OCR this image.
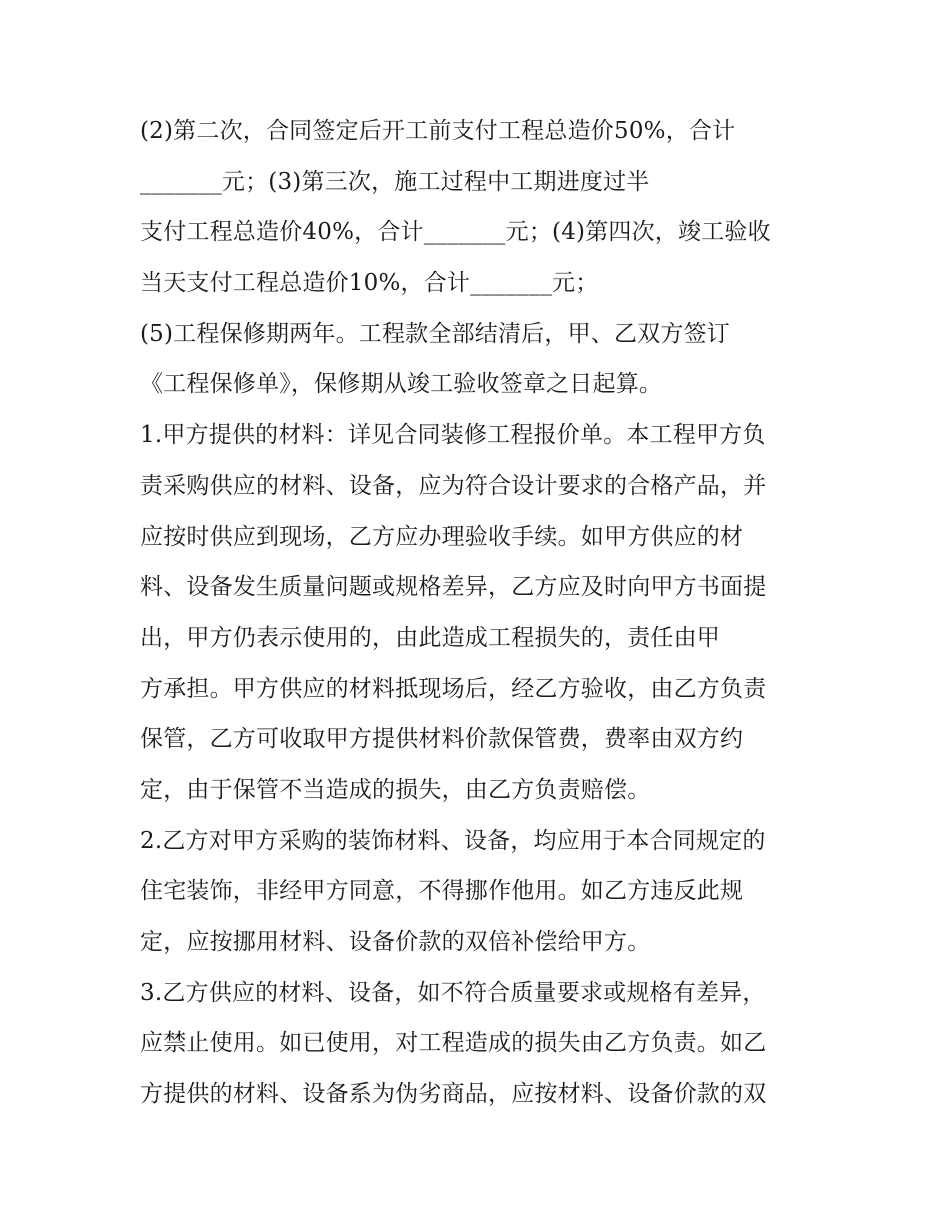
(2)第二次，合同签定后开工前支付工程总造价50%，合计
_______元；(3)第三次，施工过程中工期进度过半
支付工程总造价40%，合计_______元；(4)第四次，竣工验收
当天支付工程总造价10%，合计_______元；
(5)工程保修期两年。工程款全部结清后，甲、乙双方签订
《工程保修单》，保修期从竣工验收签章之日起算。
1.甲方提供的材料：详见合同装修工程报价单。本工程甲方负
责采购供应的材料、设备，应为符合设计要求的合格产品，并
应按时供应到现场，乙方应办理验收手续。如甲方供应的材
料、设备发生质量问题或规格差异，乙方应及时向甲方书面提
出，甲方仍表示使用的，由此造成工程损失的，责任由甲
方承担。甲方供应的材料抵现场后，经乙方验收，由乙方负责
保管，乙方可收取甲方提供材料价款保管费，费率由双方约
定，由于保管不当造成的损失，由乙方负责赔偿。
2.乙方对甲方采购的装饰材料、设备，均应用于本合同规定的
住宅装饰，非经甲方同意，不得挪作他用。如乙方违反此规
定，应按挪用材料、设备价款的双倍补偿给甲方。
3.乙方供应的材料、设备，如不符合质量要求或规格有差异，
应禁止使用。如已使用，对工程造成的损失由乙方负责。如乙
方提供的材料、设备系为伪劣商品，应按材料、设备价款的双
